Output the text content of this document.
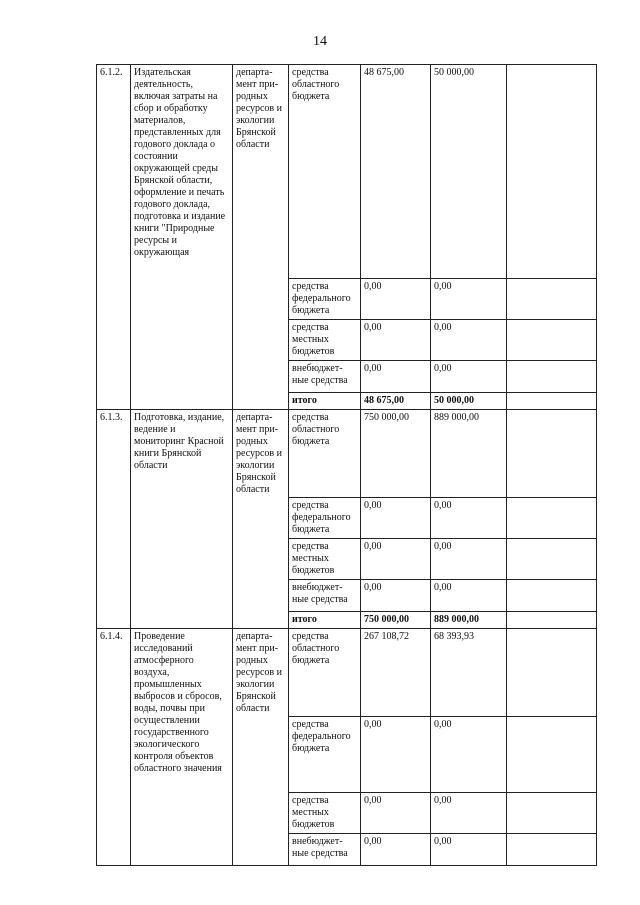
14
6.1.2.	Издательская деятельность, включая затраты на сбор и обработку материалов, представленных для годового доклада о состоянии окружающей среды Брянской области, оформление и печать годового доклада, подготовка и издание книги "Природные ресурсы и окружающая	департа-мент при-родных ресурсов и экологии Брянской области	средства областного бюджета	48 675,00	50 000,00	
			средства федерального бюджета	0,00	0,00	
			средства местных бюджетов	0,00	0,00	
			внебюджет-ные средства	0,00	0,00	
			итого	48 675,00	50 000,00	
6.1.3.	Подготовка, издание, ведение и мониторинг Красной книги Брянской области	департа-мент при-родных ресурсов и экологии Брянской области	средства областного бюджета	750 000,00	889 000,00	
			средства федерального бюджета	0,00	0,00	
			средства местных бюджетов	0,00	0,00	
			внебюджет-ные средства	0,00	0,00	
			итого	750 000,00	889 000,00	
6.1.4.	Проведение исследований атмосферного воздуха, промышленных выбросов и сбросов, воды, почвы при осуществлении государственного экологического контроля объектов областного значения	департа-мент при-родных ресурсов и экологии Брянской области	средства областного бюджета	267 108,72	68 393,93	
			средства федерального бюджета	0,00	0,00	
			средства местных бюджетов	0,00	0,00	
			внебюджет-ные средства	0,00	0,00	
